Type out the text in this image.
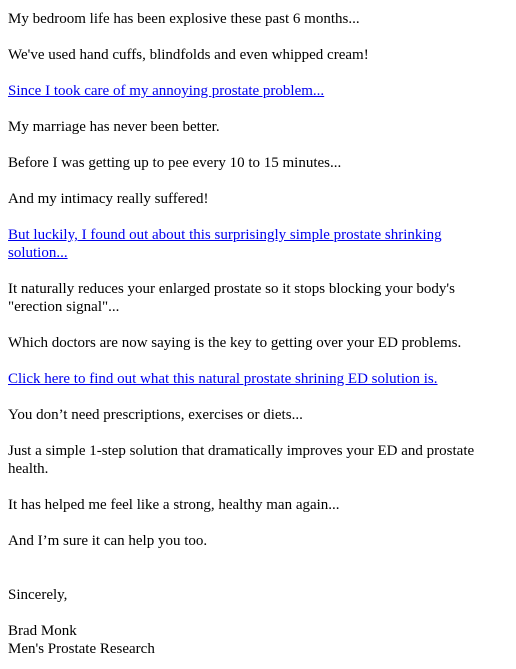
My bedroom life has been explosive these past 6 months...

We've used hand cuffs, blindfolds and even whipped cream!

Since I took care of my annoying prostate problem...

My marriage has never been better.

Before I was getting up to pee every 10 to 15 minutes...

And my intimacy really suffered!

But luckily, I found out about this surprisingly simple prostate shrinking solution...

It naturally reduces your enlarged prostate so it stops blocking your body's "erection signal"...

Which doctors are now saying is the key to getting over your ED problems.

Click here to find out what this natural prostate shrining ED solution is.

You don’t need prescriptions, exercises or diets...

Just a simple 1-step solution that dramatically improves your ED and prostate health.

It has helped me feel like a strong, healthy man again...

And I’m sure it can help you too.

Sincerely,

Brad Monk

Men's Prostate Research
